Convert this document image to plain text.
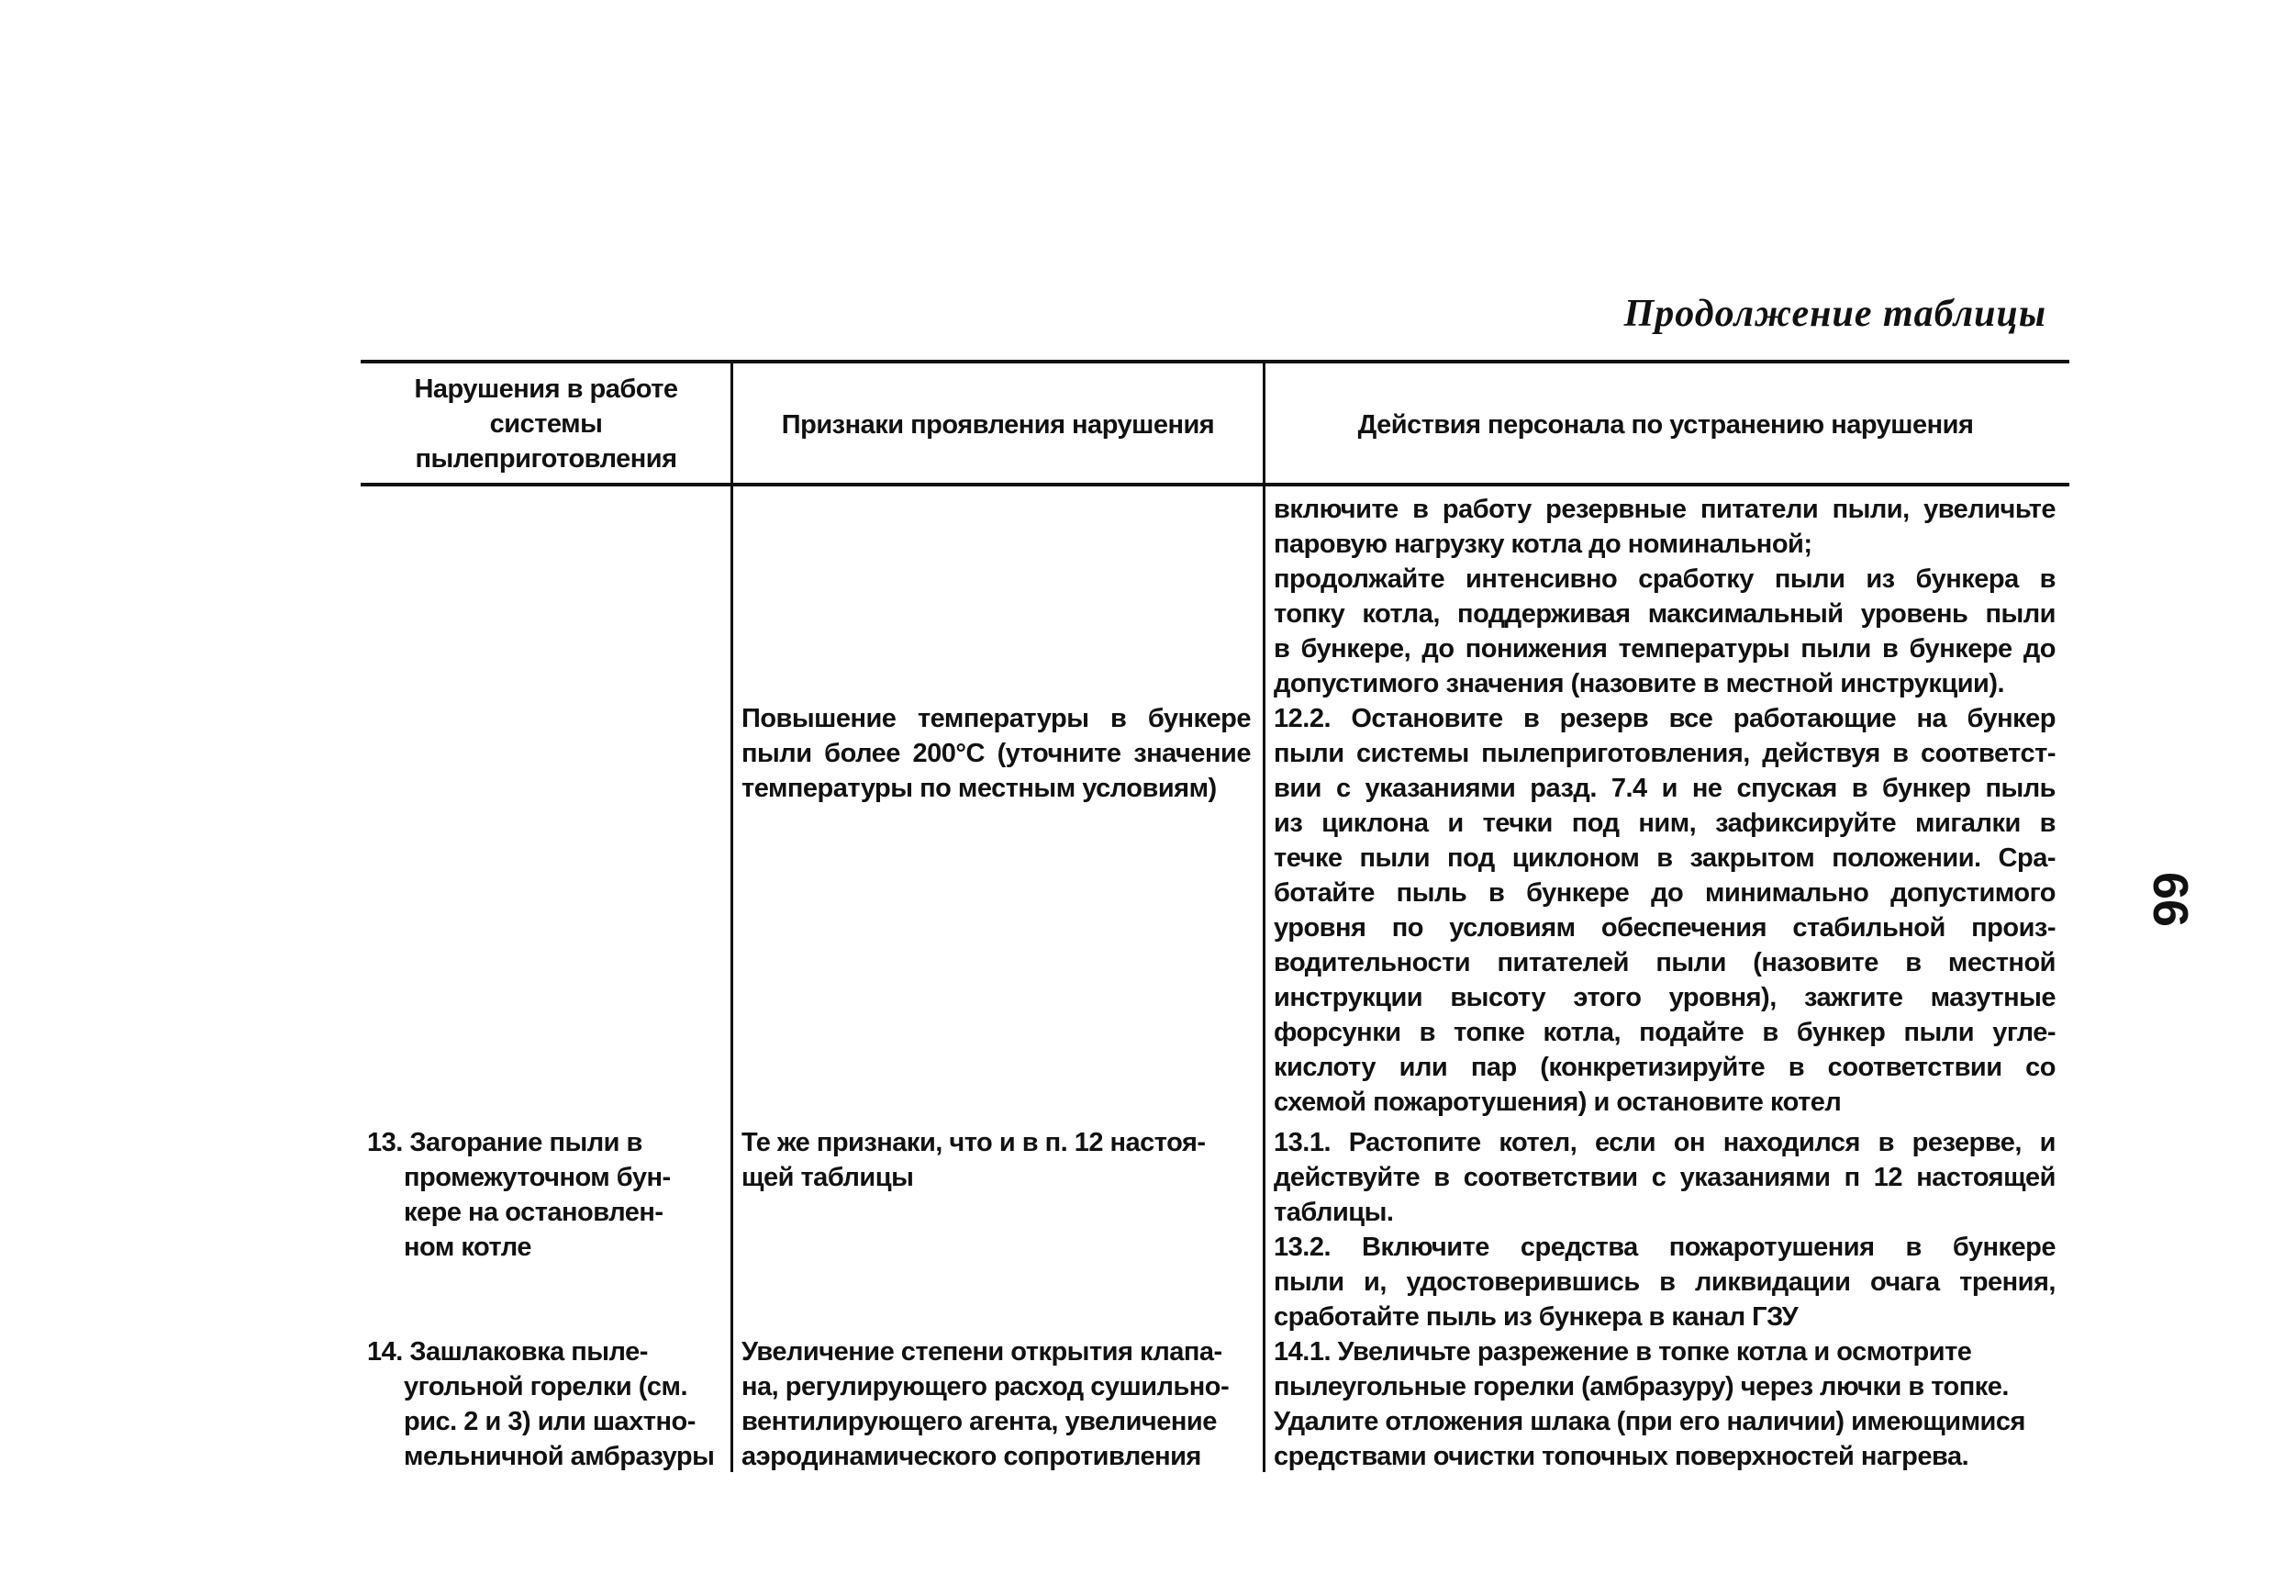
Продолжение таблицы
Нарушения в работе системы пылеприготовления
Признаки проявления нарушения	Действия персонала по устранению нарушения
Повышение температуры в бункере пыли более 200°С (уточните значение температуры по местным условиям)
включите в работу резервные питатели пыли, увеличьте
паровую нагрузку котла до номинальной;
продолжайте интенсивно сработку пыли из бункера в
топку котла, поддерживая максимальный уровень пыли
в бункере, до понижения температуры пыли в бункере до
допустимого значения (назовите в местной инструкции).
12.2. Остановите в резерв все работающие на бункер
пыли системы пылеприготовления, действуя в соответст-
вии с указаниями разд. 7.4 и не спуская в бункер пыль
из циклона и течки под ним, зафиксируйте мигалки в
течке пыли под циклоном в закрытом положении. Сра-
ботайте пыль в бункере до минимально допустимого
уровня по условиям обеспечения стабильной произ-
водительности питателей пыли (назовите в местной
инструкции высоту этого уровня), зажгите мазутные
форсунки в топке котла, подайте в бункер пыли угле-
кислоту или пар (конкретизируйте в соответствии со
схемой пожаротушения) и остановите котел
13. Загорание пыли в
промежуточном бун-
кере на остановлен-
ном котле
Те же признаки, что и в п. 12 настоя-
щей таблицы
13.1. Растопите котел, если он находился в резерве, и
действуйте в соответствии с указаниями п 12 настоящей
таблицы.
13.2. Включите средства пожаротушения в бункере
пыли и, удостоверившись в ликвидации очага трения,
сработайте пыль из бункера в канал ГЗУ
14. Зашлаковка пыле-
угольной горелки (см.
рис. 2 и 3) или шахтно-
мельничной амбразуры
Увеличение степени открытия клапа-
на, регулирующего расход сушильно-
вентилирующего агента, увеличение
аэродинамического сопротивления
14.1. Увеличьте разрежение в топке котла и осмотрите
пылеугольные горелки (амбразуру) через лючки в топке.
Удалите отложения шлака (при его наличии) имеющимися
средствами очистки топочных поверхностей нагрева.
66
